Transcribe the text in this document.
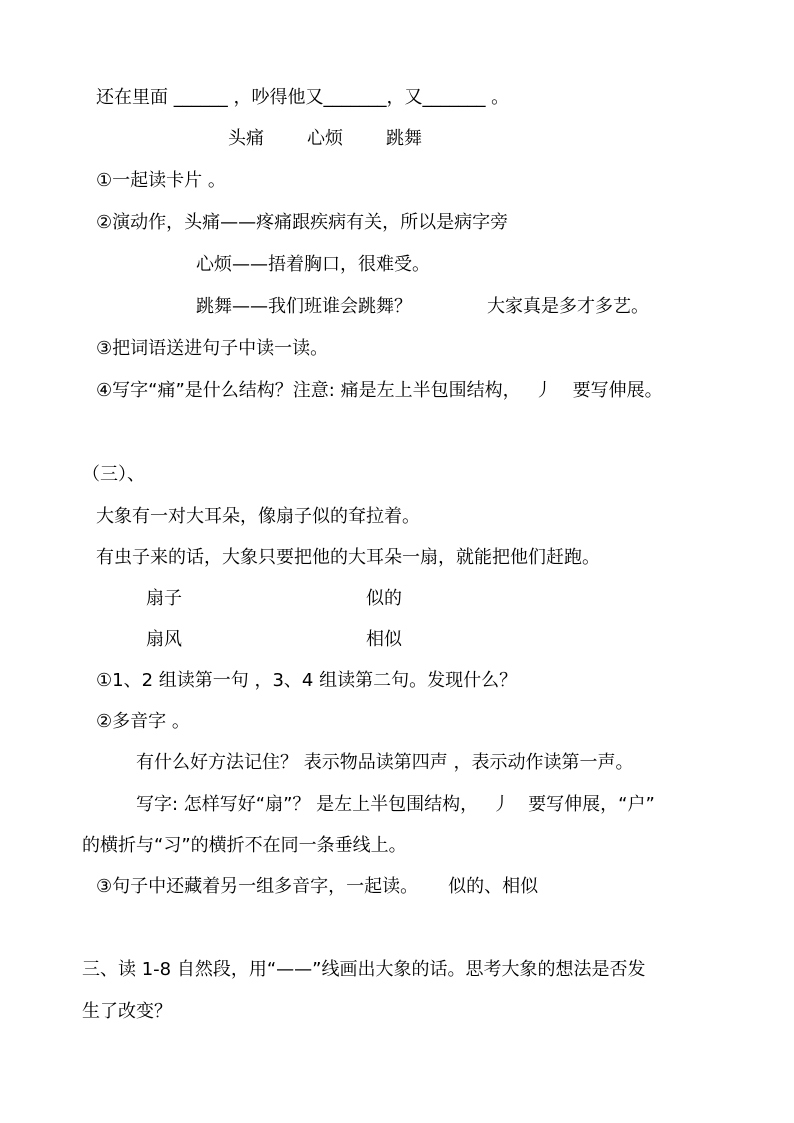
还在里面 ______ ，吵得他又_______，又_______ 。
头痛 心烦 跳舞
①一起读卡片 。
②演动作，头痛——疼痛跟疾病有关，所以是病字旁
心烦——捂着胸口，很难受。
跳舞——我们班谁会跳舞？	大家真是多才多艺。
③把词语送进句子中读一读。
④写字“痛”是什么结构？注意: 痛是左上半包围结构， 丿 要写伸展。
（三）、
大象有一对大耳朵，像扇子似的耷拉着。
有虫子来的话，大象只要把他的大耳朵一扇，就能把他们赶跑。
扇子	似的
扇风	相似
①1、2 组读第一句 ，3、4 组读第二句。发现什么？
②多音字 。
有什么好方法记住？ 表示物品读第四声 ，表示动作读第一声。
写字: 怎样写好“扇”？ 是左上半包围结构， 丿 要写伸展，“户”
的横折与“习”的横折不在同一条垂线上。
③句子中还藏着另一组多音字，一起读。 似的、相似
三、读 1-8 自然段，用“——”线画出大象的话。思考大象的想法是否发
生了改变？
